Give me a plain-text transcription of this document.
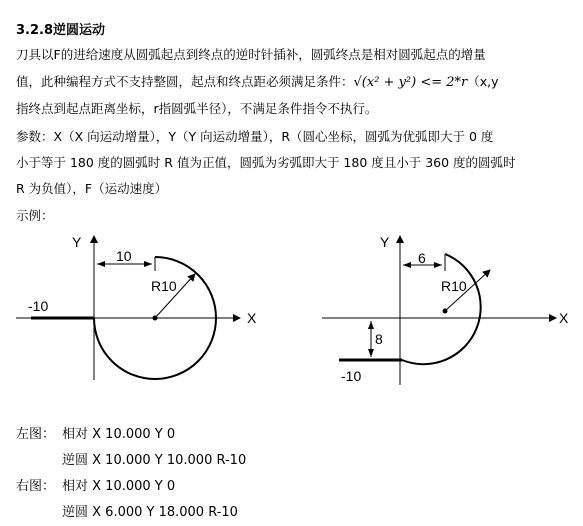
3.2.8逆圆运动
刀具以F的进给速度从圆弧起点到终点的逆时针插补，圆弧终点是相对圆弧起点的增量
值，此种编程方式不支持整圆，起点和终点距必须满足条件：√(x² + y²) <= 2*r（x,y
指终点到起点距离坐标，r指圆弧半径），不满足条件指令不执行。
参数：X（X 向运动增量），Y（Y 向运动增量），R（圆心坐标，圆弧为优弧即大于 0 度
小于等于 180 度的圆弧时 R 值为正值，圆弧为劣弧即大于 180 度且小于 360 度的圆弧时
R 为负值），F（运动速度）
示例：
Y
X
10
R10
-10
Y
X
6
R10
8
-10
左图： 相对 X 10.000 Y 0
逆圆 X 10.000 Y 10.000 R-10
右图： 相对 X 10.000 Y 0
逆圆 X 6.000 Y 18.000 R-10
